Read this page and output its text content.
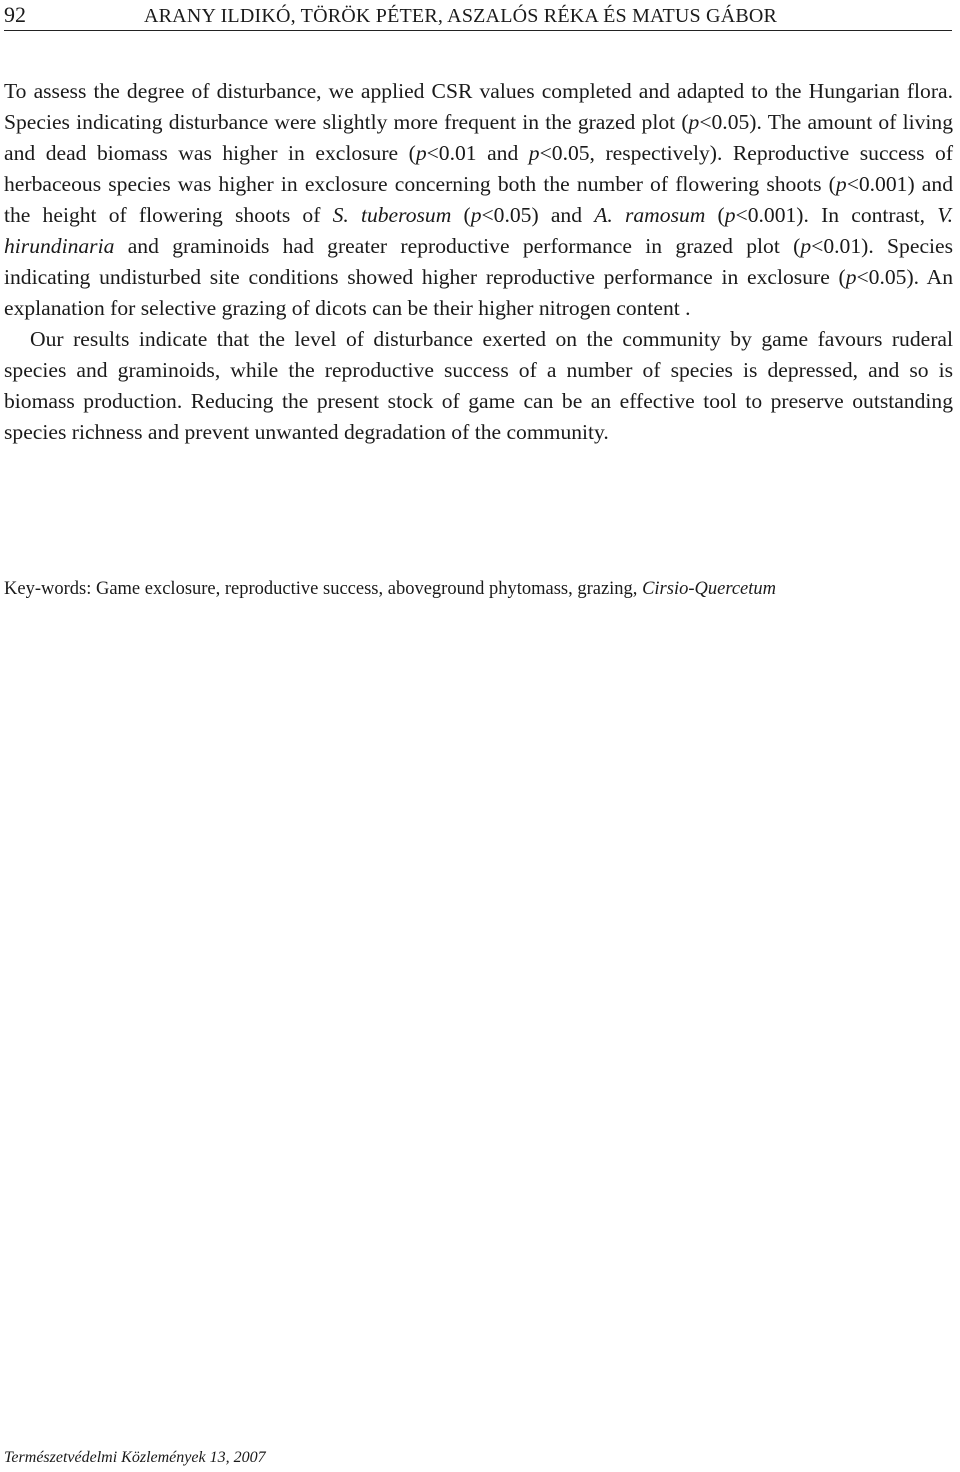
92	ARANY ILDIKÓ, TÖRÖK PÉTER, ASZALÓS RÉKA ÉS MATUS GÁBOR

To assess the degree of disturbance, we applied CSR values completed and adapted to the Hungarian flora. Species indicating disturbance were slightly more frequent in the grazed plot (p<0.05). The amount of living and dead biomass was higher in exclosure (p<0.01 and p<0.05, respectively). Reproductive success of herbaceous species was higher in exclosure concerning both the number of flowering shoots (p<0.001) and the height of flowering shoots of S. tuberosum (p<0.05) and A. ramosum (p<0.001). In contrast, V. hirundinaria and graminoids had greater reproductive performance in grazed plot (p<0.01). Species indicating undisturbed site conditions showed higher reproductive performance in exclosure (p<0.05). An explanation for selective grazing of dicots can be their higher nitrogen content .

Our results indicate that the level of disturbance exerted on the community by game favours ruderal species and graminoids, while the reproductive success of a number of species is depressed, and so is biomass production. Reducing the present stock of game can be an effective tool to preserve outstanding species richness and prevent unwanted degradation of the community.

Key-words: Game exclosure, reproductive success, aboveground phytomass, grazing, Cirsio-Quercetum
Természetvédelmi Közlemények 13, 2007
